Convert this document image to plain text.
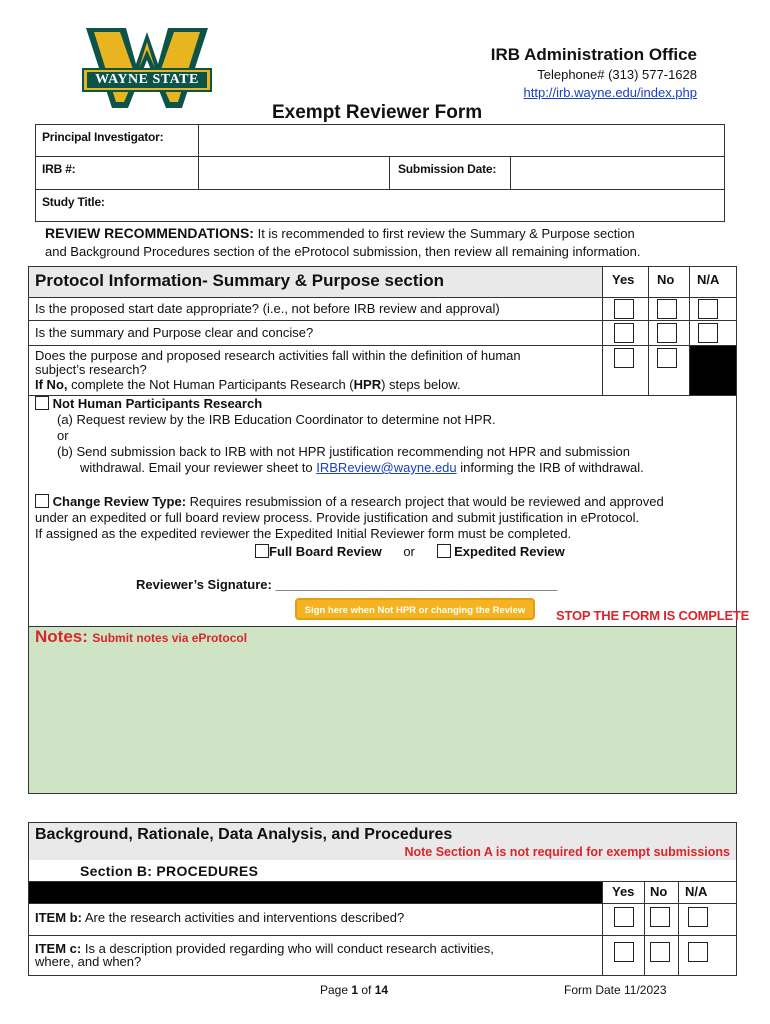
WAYNE STATE
IRB Administration Office
Telephone# (313) 577-1628
http://irb.wayne.edu/index.php
Exempt Reviewer Form
Principal Investigator:
IRB #:	Submission Date:
Study Title:
REVIEW RECOMMENDATIONS: It is recommended to first review the Summary & Purpose section
and Background Procedures section of the eProtocol submission, then review all remaining information.
Protocol Information- Summary & Purpose section	Yes No N/A
Is the proposed start date appropriate? (i.e., not before IRB review and approval)
Is the summary and Purpose clear and concise?
Does the purpose and proposed research activities fall within the definition of human
subject’s research?
If No, complete the Not Human Participants Research (HPR) steps below.
Not Human Participants Research
(a) Request review by the IRB Education Coordinator to determine not HPR.
or
(b) Send submission back to IRB with not HPR justification recommending not HPR and submission
withdrawal. Email your reviewer sheet to IRBReview@wayne.edu informing the IRB of withdrawal.
Change Review Type: Requires resubmission of a research project that would be reviewed and approved
under an expedited or full board review process. Provide justification and submit justification in eProtocol.
If assigned as the expedited reviewer the Expedited Initial Reviewer form must be completed.
Full Board Review or	Expedited Review
Reviewer’s Signature: _______________________________________
Sign here when Not HPR or changing the Review	STOP THE FORM IS COMPLETE
Notes: Submit notes via eProtocol
Background, Rationale, Data Analysis, and Procedures
Note Section A is not required for exempt submissions
Section B: PROCEDURES
Yes No N/A
ITEM b: Are the research activities and interventions described?
ITEM c: Is a description provided regarding who will conduct research activities,
where, and when?
Page 1 of 14	Form Date 11/2023
